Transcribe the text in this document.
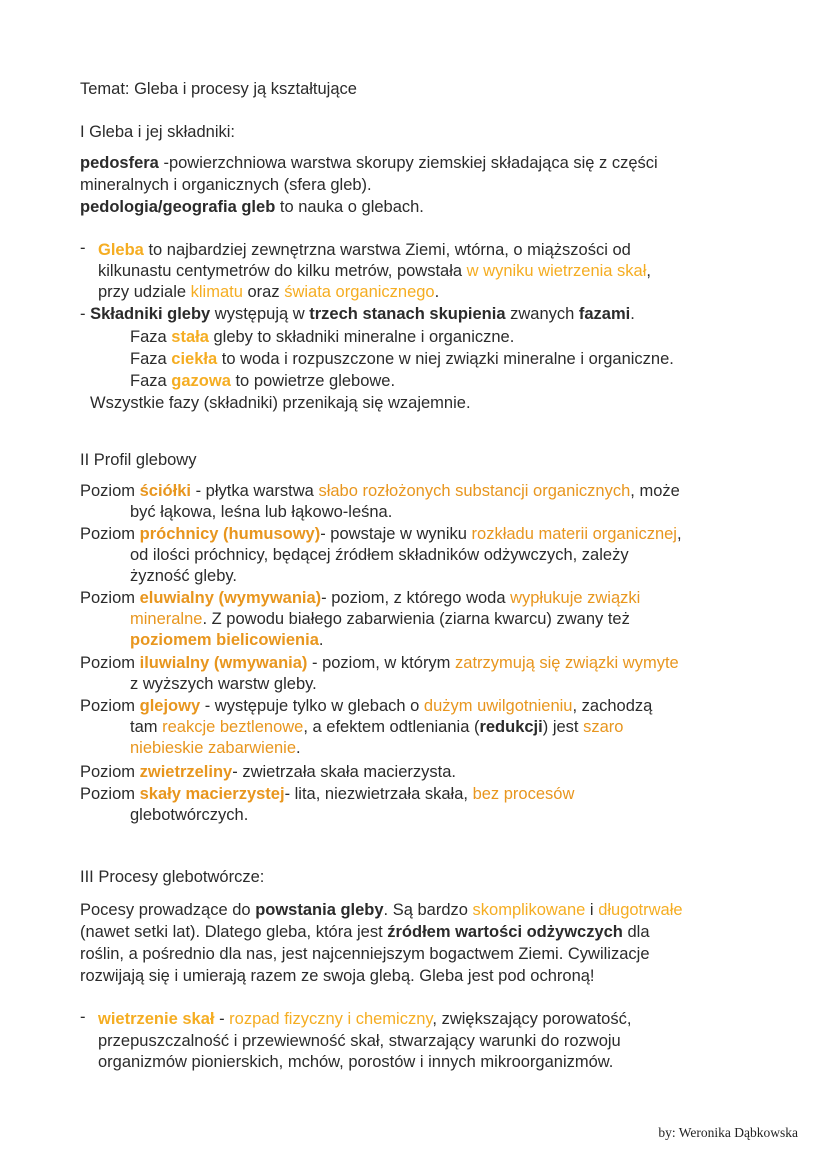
Temat: Gleba i procesy ją kształtujące

I Gleba i jej składniki:

pedosfera -powierzchniowa warstwa skorupy ziemskiej składająca się z części

mineralnych i organicznych (sfera gleb).

pedologia/geografia gleb to nauka o glebach.

- Gleba to najbardziej zewnętrzna warstwa Ziemi, wtórna, o miąższości od

kilkunastu centymetrów do kilku metrów, powstała w wyniku wietrzenia skał,

przy udziale klimatu oraz świata organicznego.

- Składniki gleby występują w trzech stanach skupienia zwanych fazami.

Faza stała gleby to składniki mineralne i organiczne.

Faza ciekła to woda i rozpuszczone w niej związki mineralne i organiczne.

Faza gazowa to powietrze glebowe.

Wszystkie fazy (składniki) przenikają się wzajemnie.

II Profil glebowy

Poziom ściółki - płytka warstwa słabo rozłożonych substancji organicznych, może

być łąkowa, leśna lub łąkowo-leśna.

Poziom próchnicy (humusowy)- powstaje w wyniku rozkładu materii organicznej,

od ilości próchnicy, będącej źródłem składników odżywczych, zależy

żyzność gleby.

Poziom eluwialny (wymywania)- poziom, z którego woda wypłukuje związki

mineralne. Z powodu białego zabarwienia (ziarna kwarcu) zwany też

poziomem bielicowienia.

Poziom iluwialny (wmywania) - poziom, w którym zatrzymują się związki wymyte

z wyższych warstw gleby.

Poziom glejowy - występuje tylko w glebach o dużym uwilgotnieniu, zachodzą

tam reakcje beztlenowe, a efektem odtleniania (redukcji) jest szaro

niebieskie zabarwienie.

Poziom zwietrzeliny- zwietrzała skała macierzysta.

Poziom skały macierzystej- lita, niezwietrzała skała, bez procesów

glebotwórczych.

III Procesy glebotwórcze:

Pocesy prowadzące do powstania gleby. Są bardzo skomplikowane i długotrwałe

(nawet setki lat). Dlatego gleba, która jest źródłem wartości odżywczych dla

roślin, a pośrednio dla nas, jest najcenniejszym bogactwem Ziemi. Cywilizacje

rozwijają się i umierają razem ze swoja glebą. Gleba jest pod ochroną!

- wietrzenie skał - rozpad fizyczny i chemiczny, zwiększający porowatość,

przepuszczalność i przewiewność skał, stwarzający warunki do rozwoju

organizmów pionierskich, mchów, porostów i innych mikroorganizmów.

by: Weronika Dąbkowska
